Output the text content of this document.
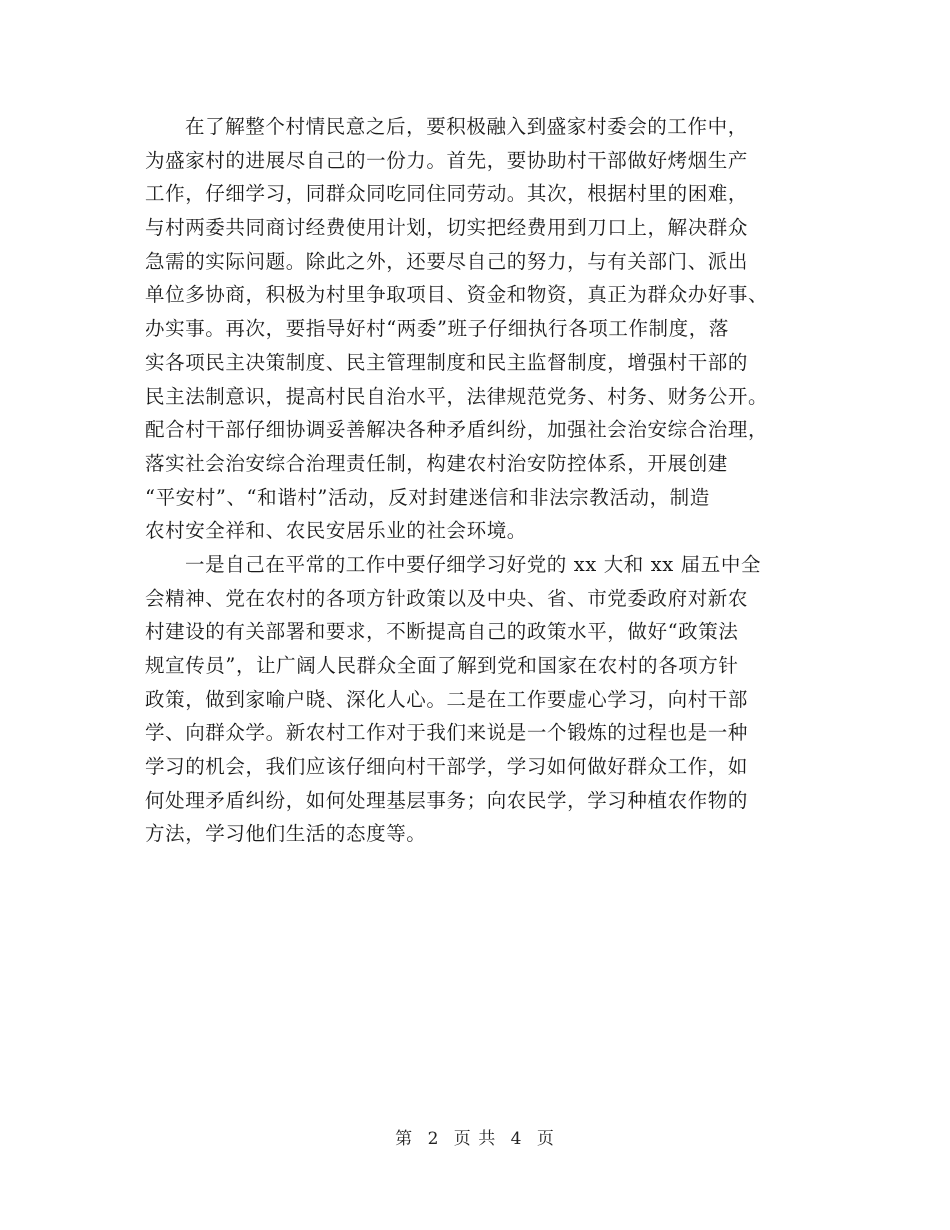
在了解整个村情民意之后，要积极融入到盛家村委会的工作中，
为盛家村的进展尽自己的一份力。首先，要协助村干部做好烤烟生产
工作，仔细学习，同群众同吃同住同劳动。其次，根据村里的困难，
与村两委共同商讨经费使用计划，切实把经费用到刀口上，解决群众
急需的实际问题。除此之外，还要尽自己的努力，与有关部门、派出
单位多协商，积极为村里争取项目、资金和物资，真正为群众办好事、
办实事。再次，要指导好村“两委”班子仔细执行各项工作制度，落
实各项民主决策制度、民主管理制度和民主监督制度，增强村干部的
民主法制意识，提高村民自治水平，法律规范党务、村务、财务公开。
配合村干部仔细协调妥善解决各种矛盾纠纷，加强社会治安综合治理，
落实社会治安综合治理责任制，构建农村治安防控体系，开展创建
“平安村”、“和谐村”活动，反对封建迷信和非法宗教活动，制造
农村安全祥和、农民安居乐业的社会环境。
一是自己在平常的工作中要仔细学习好党的 xx 大和 xx 届五中全
会精神、党在农村的各项方针政策以及中央、省、市党委政府对新农
村建设的有关部署和要求，不断提高自己的政策水平，做好“政策法
规宣传员”，让广阔人民群众全面了解到党和国家在农村的各项方针
政策，做到家喻户晓、深化人心。二是在工作要虚心学习，向村干部
学、向群众学。新农村工作对于我们来说是一个锻炼的过程也是一种
学习的机会，我们应该仔细向村干部学，学习如何做好群众工作，如
何处理矛盾纠纷，如何处理基层事务；向农民学，学习种植农作物的
方法，学习他们生活的态度等。
第 2 页 共 4 页
